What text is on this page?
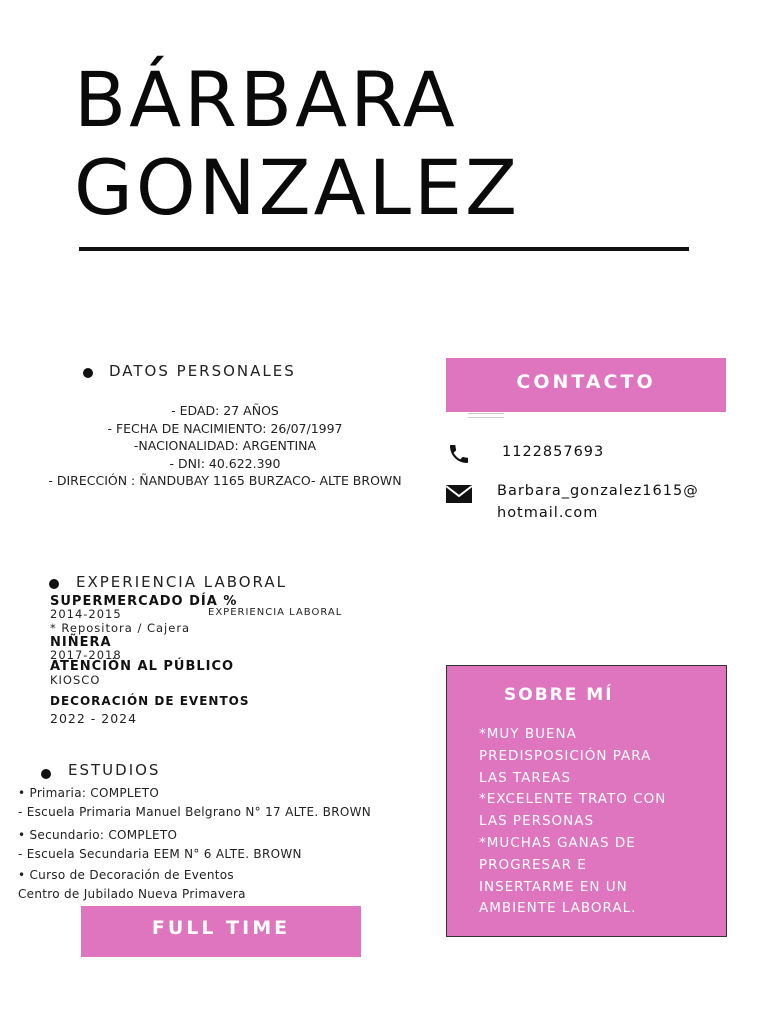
BÁRBARA
GONZALEZ
DATOS PERSONALES
- EDAD: 27 AÑOS
- FECHA DE NACIMIENTO: 26/07/1997
-NACIONALIDAD: ARGENTINA
- DNI: 40.622.390
- DIRECCIÓN : ÑANDUBAY 1165 BURZACO- ALTE BROWN
CONTACTO
1122857693
Barbara_gonzalez1615@
hotmail.com
EXPERIENCIA LABORAL
SUPERMERCADO DÍA %
2014-2015	EXPERIENCIA LABORAL
* Repositora / Cajera
NIÑERA
2017-2018
ATENCIÓN AL PÚBLICO
KIOSCO
DECORACIÓN DE EVENTOS
2022 - 2024
ESTUDIOS
• Primaria: COMPLETO
- Escuela Primaria Manuel Belgrano N° 17 ALTE. BROWN
• Secundario: COMPLETO
- Escuela Secundaria EEM N° 6 ALTE. BROWN
• Curso de Decoración de Eventos
Centro de Jubilado Nueva Primavera
FULL TIME
SOBRE MÍ
*MUY BUENA
PREDISPOSICIÓN PARA
LAS TAREAS
*EXCELENTE TRATO CON
LAS PERSONAS
*MUCHAS GANAS DE
PROGRESAR E
INSERTARME EN UN
AMBIENTE LABORAL.
